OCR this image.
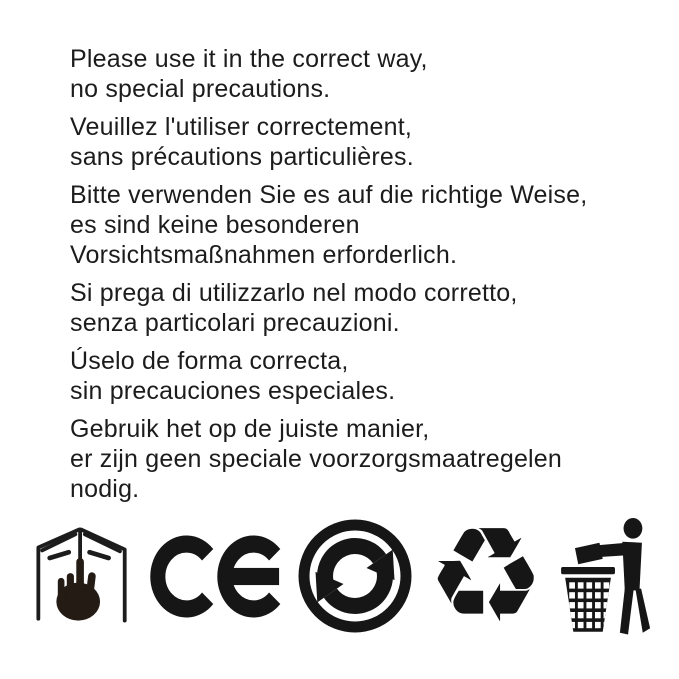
Please use it in the correct way,
no special precautions.

Veuillez l'utiliser correctement,
sans précautions particulières.

Bitte verwenden Sie es auf die richtige Weise,
es sind keine besonderen
Vorsichtsmaßnahmen erforderlich.

Si prega di utilizzarlo nel modo corretto,
senza particolari precauzioni.

Úselo de forma correcta,
sin precauciones especiales.

Gebruik het op de juiste manier,
er zijn geen speciale voorzorgsmaatregelen
nodig.

♻
